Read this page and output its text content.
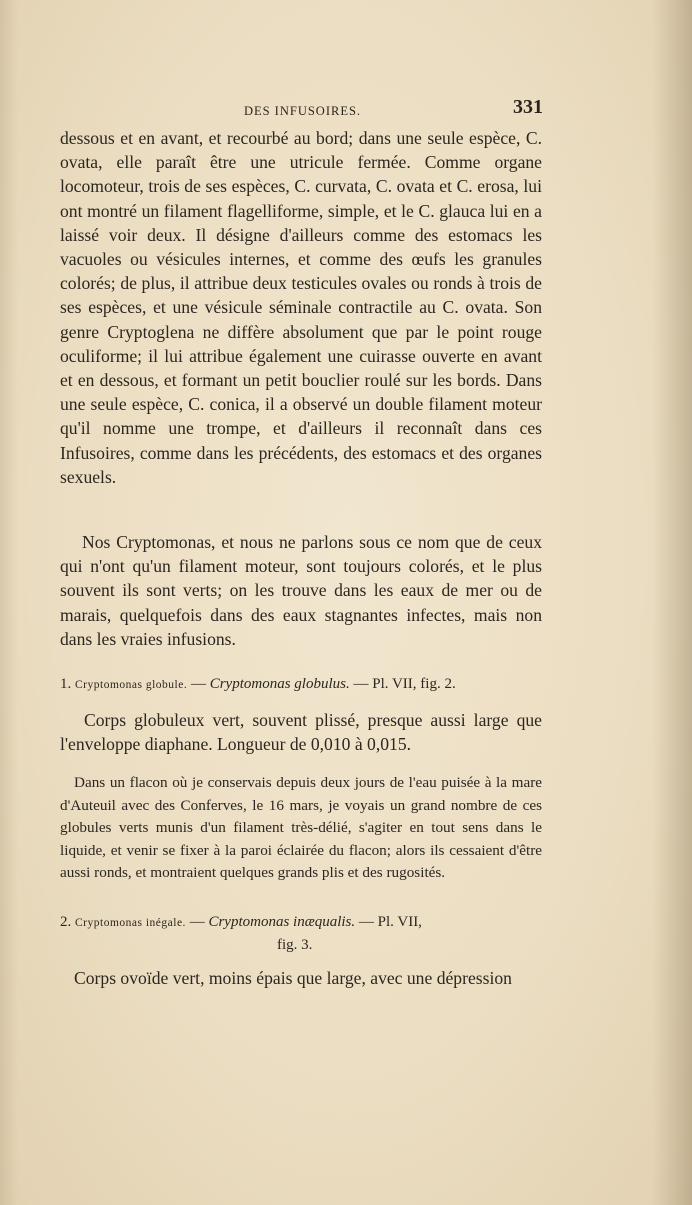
DES INFUSOIRES.	331
dessous et en avant, et recourbé au bord; dans une seule espèce, C. ovata, elle paraît être une utricule fermée. Comme organe locomoteur, trois de ses espèces, C. curvata, C. ovata et C. erosa, lui ont montré un filament flagelliforme, simple, et le C. glauca lui en a laissé voir deux. Il désigne d'ailleurs comme des estomacs les vacuoles ou vésicules internes, et comme des œufs les granules colorés; de plus, il attribue deux testicules ovales ou ronds à trois de ses espèces, et une vésicule séminale contractile au C. ovata. Son genre Cryptoglena ne diffère absolument que par le point rouge oculiforme; il lui attribue également une cuirasse ouverte en avant et en dessous, et formant un petit bouclier roulé sur les bords. Dans une seule espèce, C. conica, il a observé un double filament moteur qu'il nomme une trompe, et d'ailleurs il reconnaît dans ces Infusoires, comme dans les précédents, des estomacs et des organes sexuels.
Nos Cryptomonas, et nous ne parlons sous ce nom que de ceux qui n'ont qu'un filament moteur, sont toujours colorés, et le plus souvent ils sont verts; on les trouve dans les eaux de mer ou de marais, quelquefois dans des eaux stagnantes infectes, mais non dans les vraies infusions.
1. Cryptomonas globule. — Cryptomonas globulus. — Pl. VII, fig. 2.
Corps globuleux vert, souvent plissé, presque aussi large que l'enveloppe diaphane. Longueur de 0,010 à 0,015.
Dans un flacon où je conservais depuis deux jours de l'eau puisée à la mare d'Auteuil avec des Conferves, le 16 mars, je voyais un grand nombre de ces globules verts munis d'un filament très-délié, s'agiter en tout sens dans le liquide, et venir se fixer à la paroi éclairée du flacon; alors ils cessaient d'être aussi ronds, et montraient quelques grands plis et des rugosités.
2. Cryptomonas inégale. — Cryptomonas inæqualis. — Pl. VII,
fig. 3.
Corps ovoïde vert, moins épais que large, avec une dépression
